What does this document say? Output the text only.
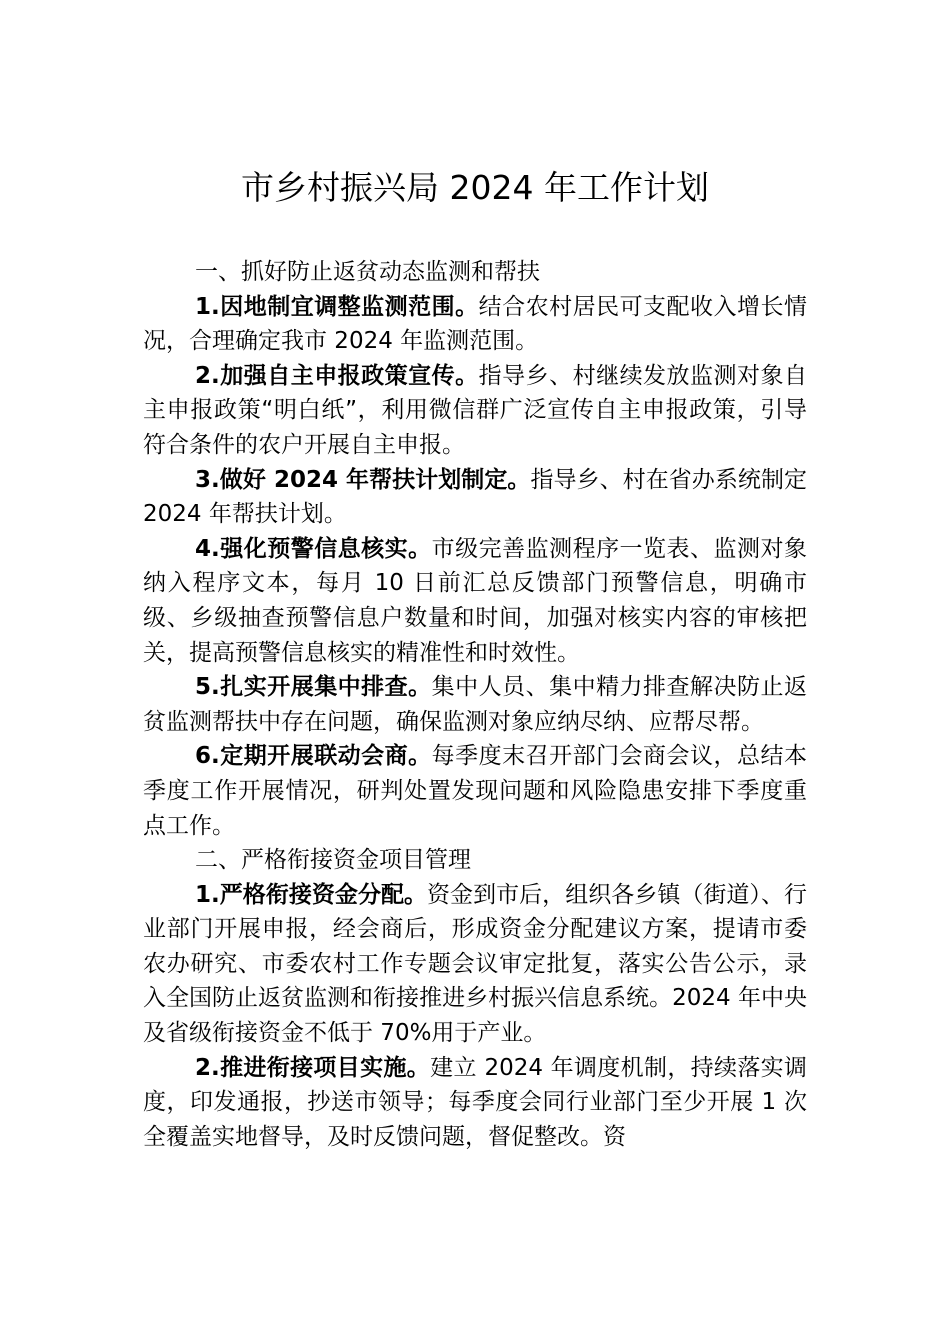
市乡村振兴局 2024 年工作计划

一、抓好防止返贫动态监测和帮扶

1.因地制宜调整监测范围。结合农村居民可支配收入增长情况，合理确定我市 2024 年监测范围。

2.加强自主申报政策宣传。指导乡、村继续发放监测对象自主申报政策“明白纸”，利用微信群广泛宣传自主申报政策，引导符合条件的农户开展自主申报。

3.做好 2024 年帮扶计划制定。指导乡、村在省办系统制定 2024 年帮扶计划。

4.强化预警信息核实。市级完善监测程序一览表、监测对象纳入程序文本，每月 10 日前汇总反馈部门预警信息，明确市级、乡级抽查预警信息户数量和时间，加强对核实内容的审核把关，提高预警信息核实的精准性和时效性。

5.扎实开展集中排查。集中人员、集中精力排查解决防止返贫监测帮扶中存在问题，确保监测对象应纳尽纳、应帮尽帮。

6.定期开展联动会商。每季度末召开部门会商会议，总结本季度工作开展情况，研判处置发现问题和风险隐患安排下季度重点工作。

二、严格衔接资金项目管理

1.严格衔接资金分配。资金到市后，组织各乡镇（街道）、行业部门开展申报，经会商后，形成资金分配建议方案，提请市委农办研究、市委农村工作专题会议审定批复，落实公告公示，录入全国防止返贫监测和衔接推进乡村振兴信息系统。2024 年中央及省级衔接资金不低于 70%用于产业。

2.推进衔接项目实施。建立 2024 年调度机制，持续落实调度，印发通报，抄送市领导；每季度会同行业部门至少开展 1 次全覆盖实地督导，及时反馈问题，督促整改。资
